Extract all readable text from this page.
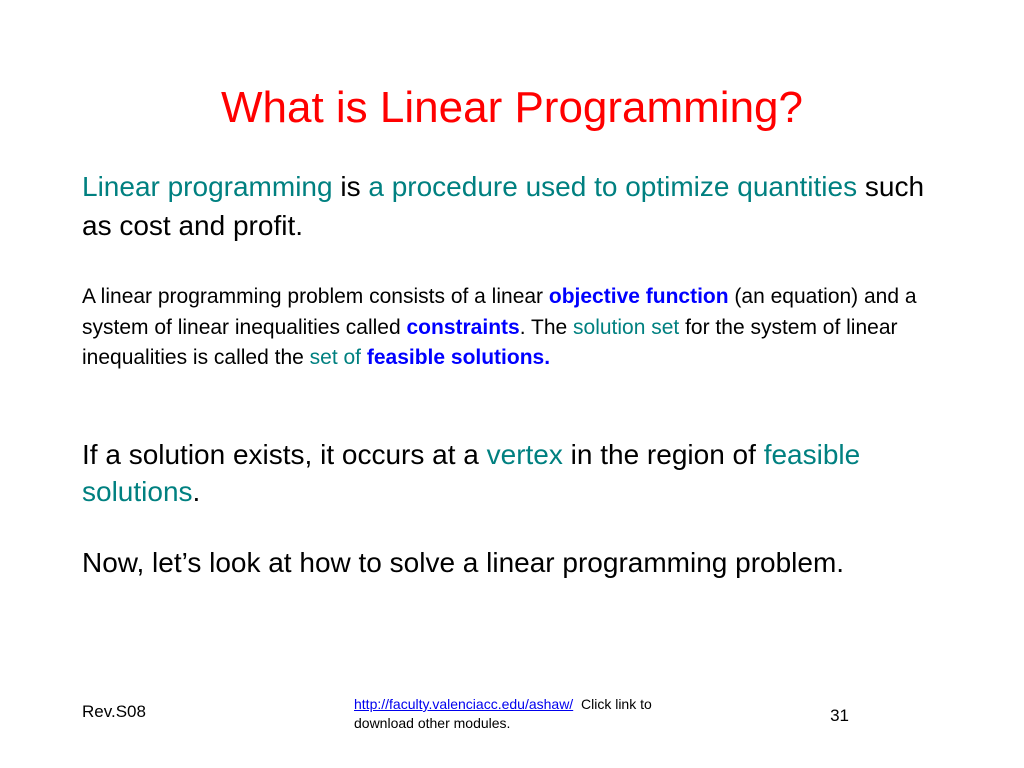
What is Linear Programming?
Linear programming is a procedure used to optimize quantities such as cost and profit.
A linear programming problem consists of a linear objective function (an equation) and a system of linear inequalities called constraints. The solution set for the system of linear inequalities is called the set of feasible solutions.
If a solution exists, it occurs at a vertex in the region of feasible solutions.
Now, let’s look at how to solve a linear programming problem.
Rev.S08	http://faculty.valenciacc.edu/ashaw/  Click link to download other modules.	31
